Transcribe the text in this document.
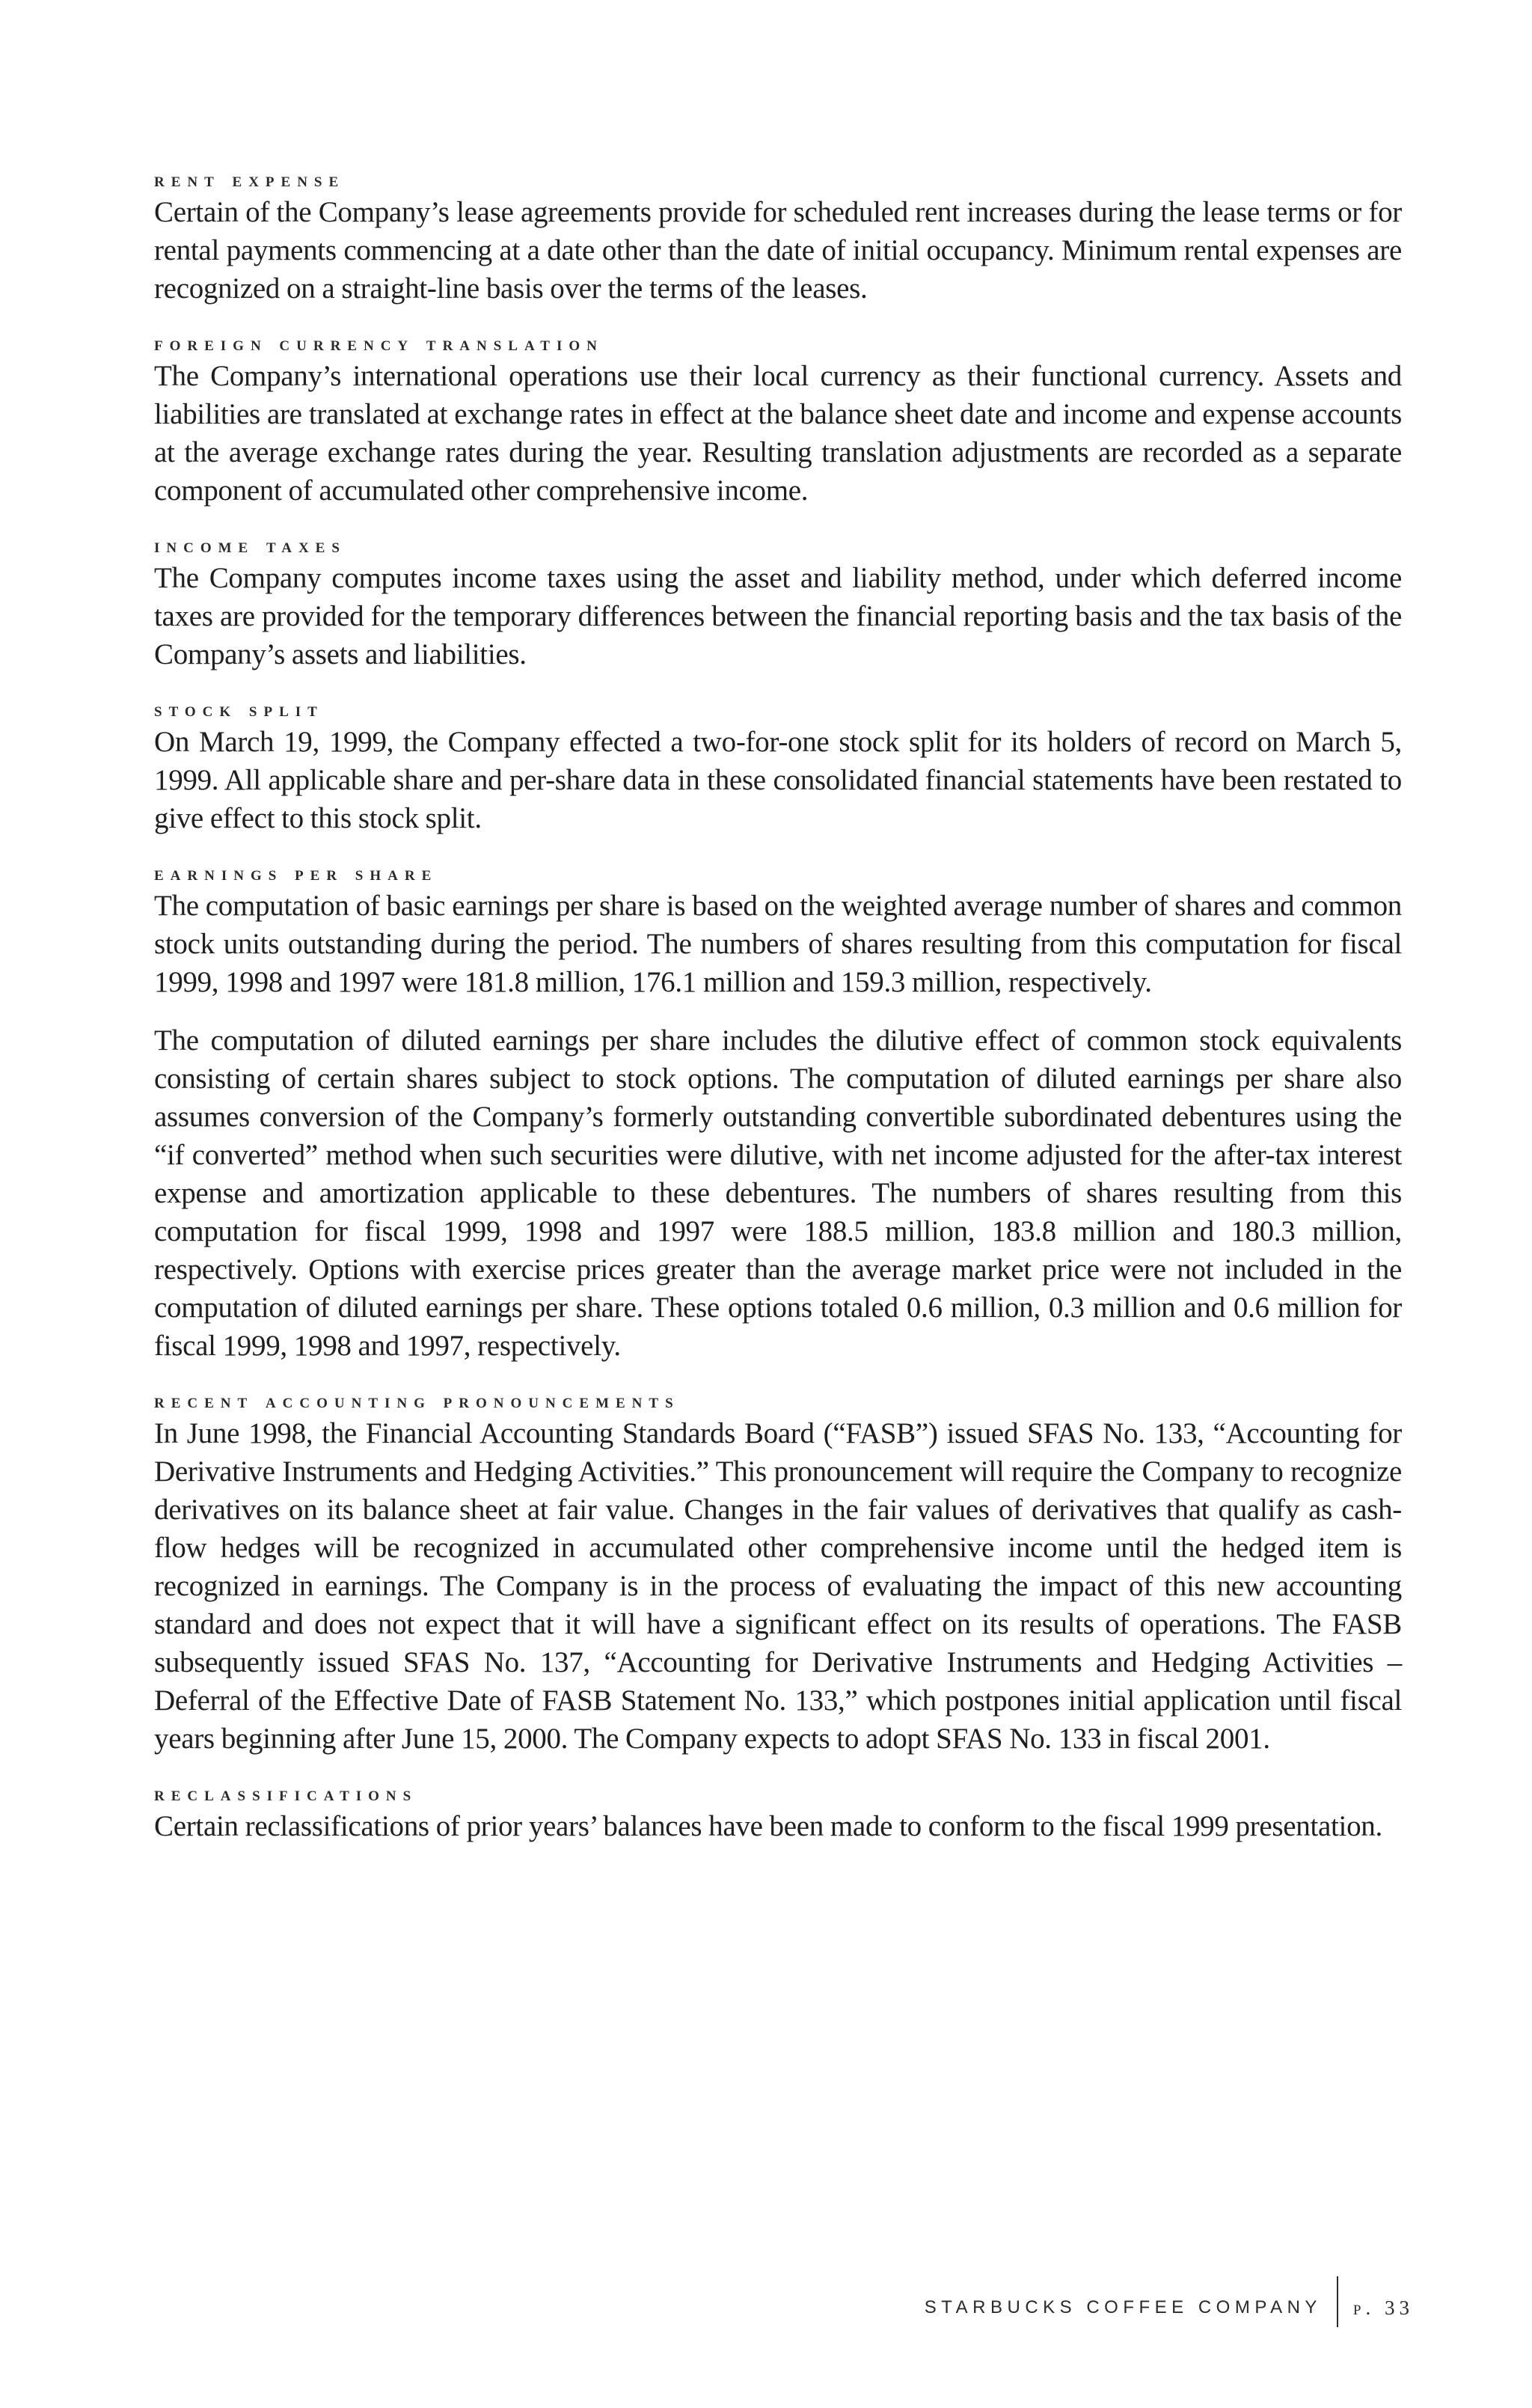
rent expense

Certain of the Company’s lease agreements provide for scheduled rent increases during the lease terms or for rental payments commencing at a date other than the date of initial occupancy. Minimum rental expenses are recognized on a straight-line basis over the terms of the leases.

foreign currency translation

The Company’s international operations use their local currency as their functional currency. Assets and liabilities are translated at exchange rates in effect at the balance sheet date and income and expense accounts at the average exchange rates during the year. Resulting translation adjustments are recorded as a separate component of accumulated other comprehensive income.

income taxes

The Company computes income taxes using the asset and liability method, under which deferred income taxes are provided for the temporary differences between the financial reporting basis and the tax basis of the Company’s assets and liabilities.

stock split

On March 19, 1999, the Company effected a two-for-one stock split for its holders of record on March 5, 1999. All applicable share and per-share data in these consolidated financial statements have been restated to give effect to this stock split.

earnings per share

The computation of basic earnings per share is based on the weighted average number of shares and common stock units outstanding during the period. The numbers of shares resulting from this computation for fiscal 1999, 1998 and 1997 were 181.8 million, 176.1 million and 159.3 million, respectively.

The computation of diluted earnings per share includes the dilutive effect of common stock equivalents consisting of certain shares subject to stock options. The computation of diluted earnings per share also assumes conversion of the Company’s formerly outstanding convertible subordinated debentures using the “if converted” method when such securities were dilutive, with net income adjusted for the after-tax interest expense and amortization applicable to these debentures. The numbers of shares resulting from this computation for fiscal 1999, 1998 and 1997 were 188.5 million, 183.8 million and 180.3 million, respectively. Options with exercise prices greater than the average market price were not included in the computation of diluted earnings per share. These options totaled 0.6 million, 0.3 million and 0.6 million for fiscal 1999, 1998 and 1997, respectively.

recent accounting pronouncements

In June 1998, the Financial Accounting Standards Board (“FASB”) issued SFAS No. 133, “Accounting for Derivative Instruments and Hedging Activities.” This pronouncement will require the Company to recognize derivatives on its balance sheet at fair value. Changes in the fair values of derivatives that qualify as cash-flow hedges will be recognized in accumulated other comprehensive income until the hedged item is recognized in earnings. The Company is in the process of evaluating the impact of this new accounting standard and does not expect that it will have a significant effect on its results of operations. The FASB subsequently issued SFAS No. 137, “Accounting for Derivative Instruments and Hedging Activities – Deferral of the Effective Date of FASB Statement No. 133,” which postpones initial application until fiscal years beginning after June 15, 2000. The Company expects to adopt SFAS No. 133 in fiscal 2001.

reclassifications

Certain reclassifications of prior years’ balances have been made to conform to the fiscal 1999 presentation.

STARBUCKS COFFEE COMPANY p. 33
